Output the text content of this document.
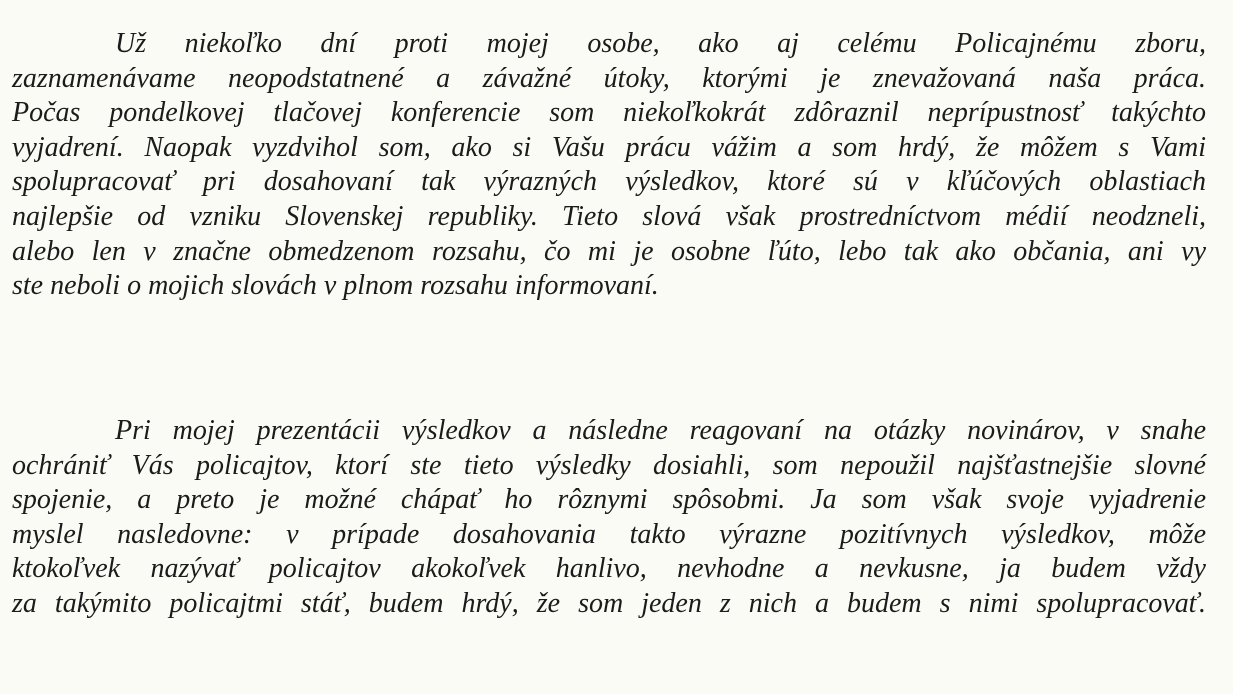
Už niekoľko dní proti mojej osobe, ako aj celému Policajnému zboru,
zaznamenávame neopodstatnené a závažné útoky, ktorými je znevažovaná naša práca.
Počas pondelkovej tlačovej konferencie som niekoľkokrát zdôraznil neprípustnosť takýchto
vyjadrení. Naopak vyzdvihol som, ako si Vašu prácu vážim a som hrdý, že môžem s Vami
spolupracovať pri dosahovaní tak výrazných výsledkov, ktoré sú v kľúčových oblastiach
najlepšie od vzniku Slovenskej republiky. Tieto slová však prostredníctvom médií neodzneli,
alebo len v značne obmedzenom rozsahu, čo mi je osobne ľúto, lebo tak ako občania, ani vy
ste neboli o mojich slovách v plnom rozsahu informovaní.
Pri mojej prezentácii výsledkov a následne reagovaní na otázky novinárov, v snahe
ochrániť Vás policajtov, ktorí ste tieto výsledky dosiahli, som nepoužil najšťastnejšie slovné
spojenie, a preto je možné chápať ho rôznymi spôsobmi. Ja som však svoje vyjadrenie
myslel nasledovne: v prípade dosahovania takto výrazne pozitívnych výsledkov, môže
ktokoľvek nazývať policajtov akokoľvek hanlivo, nevhodne a nevkusne, ja budem vždy
za takýmito policajtmi stáť, budem hrdý, že som jeden z nich a budem s nimi spolupracovať.
